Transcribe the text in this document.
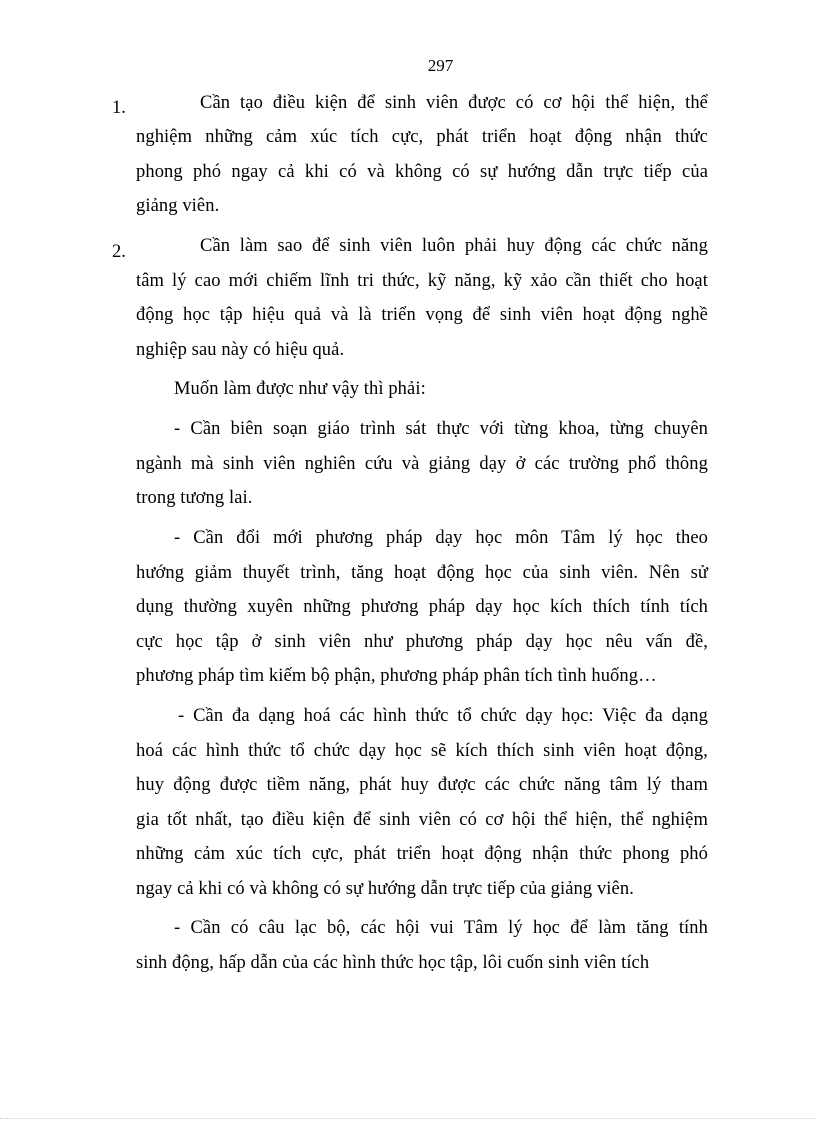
297
1.	Cần tạo điều kiện để sinh viên được có cơ hội thể hiện, thể
nghiệm những cảm xúc tích cực, phát triển hoạt động nhận thức
phong phó ngay cả khi có và không có sự hướng dẫn trực tiếp của
giảng viên.
2.	Cần làm sao để sinh viên luôn phải huy động các chức năng
tâm lý cao mới chiếm lĩnh tri thức, kỹ năng, kỹ xảo cần thiết cho hoạt
động học tập hiệu quả và là triển vọng để sinh viên hoạt động nghề
nghiệp sau này có hiệu quả.
Muốn làm được như vậy thì phải:
- Cần biên soạn giáo trình sát thực với từng khoa, từng chuyên
ngành mà sinh viên nghiên cứu và giảng dạy ở các trường phổ thông
trong tương lai.
- Cần đổi mới phương pháp dạy học môn Tâm lý học theo
hướng giảm thuyết trình, tăng hoạt động học của sinh viên. Nên sử
dụng thường xuyên những phương pháp dạy học kích thích tính tích
cực học tập ở sinh viên như phương pháp dạy học nêu vấn đề,
phương pháp tìm kiếm bộ phận, phương pháp phân tích tình huống…
- Cần đa dạng hoá các hình thức tổ chức dạy học: Việc đa dạng
hoá các hình thức tổ chức dạy học sẽ kích thích sinh viên hoạt động,
huy động được tiềm năng, phát huy được các chức năng tâm lý tham
gia tốt nhất, tạo điều kiện để sinh viên có cơ hội thể hiện, thể nghiệm
những cảm xúc tích cực, phát triển hoạt động nhận thức phong phó
ngay cả khi có và không có sự hướng dẫn trực tiếp của giảng viên.
- Cần có câu lạc bộ, các hội vui Tâm lý học để làm tăng tính
sinh động, hấp dẫn của các hình thức học tập, lôi cuốn sinh viên tích
